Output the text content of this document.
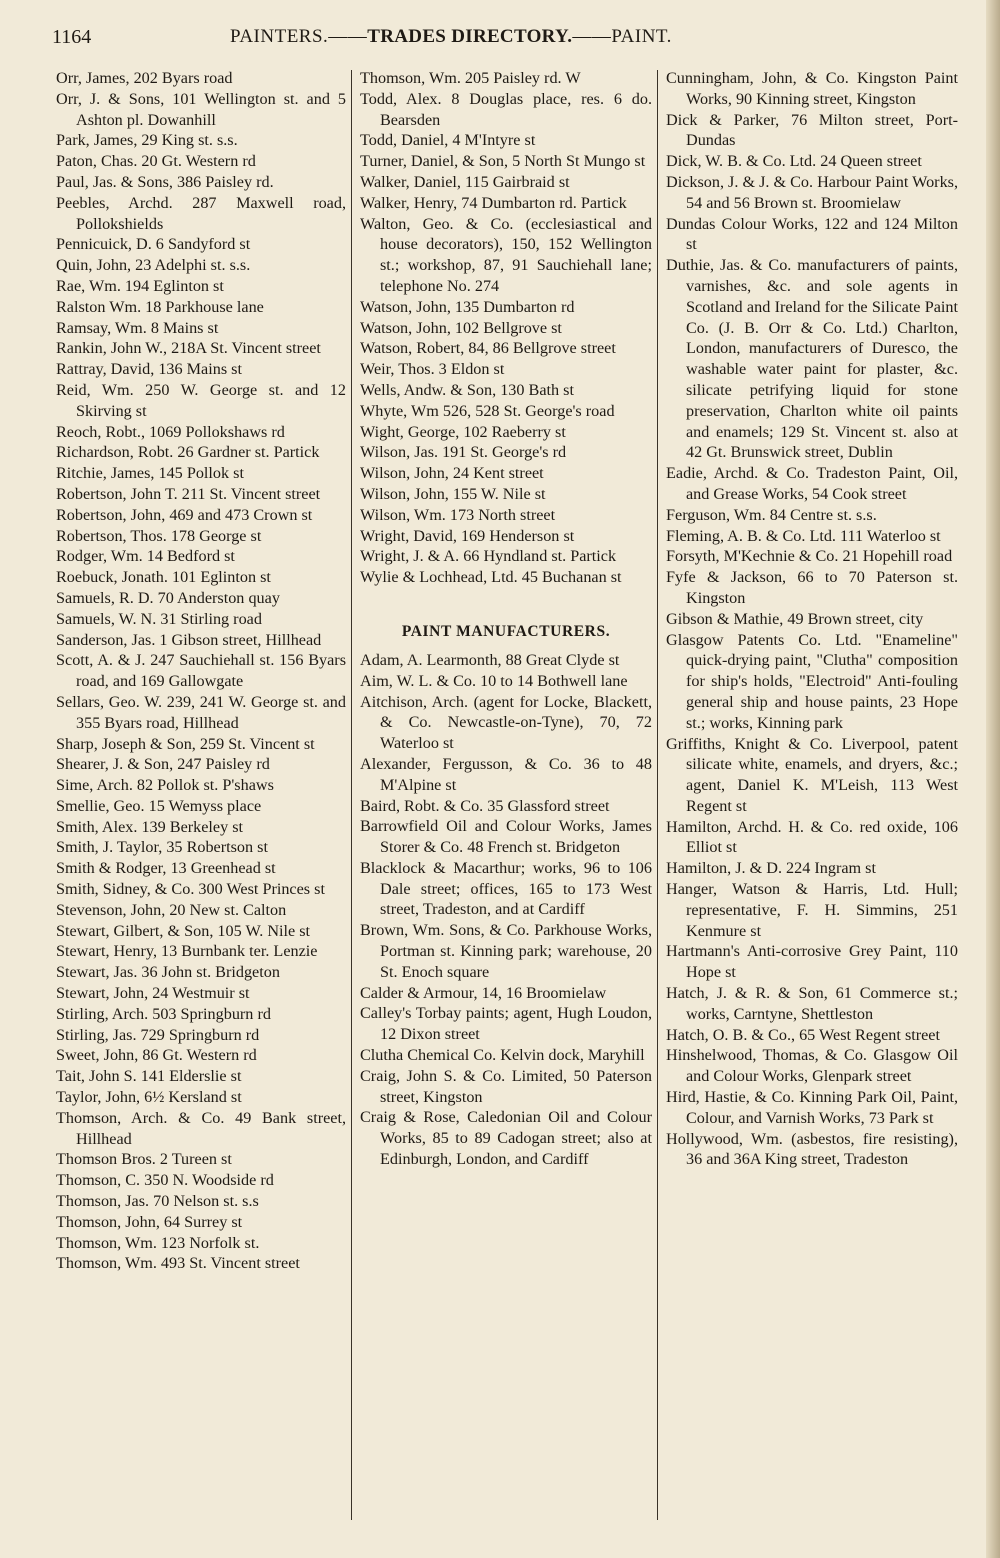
1164	PAINTERS.——TRADES DIRECTORY.——PAINT.

Orr, James, 202 Byars road

Orr, J. & Sons, 101 Wellington st. and 5 Ashton pl. Dowanhill

Park, James, 29 King st. s.s.

Paton, Chas. 20 Gt. Western rd

Paul, Jas. & Sons, 386 Paisley rd.

Peebles, Archd. 287 Maxwell road, Pollokshields

Pennicuick, D. 6 Sandyford st

Quin, John, 23 Adelphi st. s.s.

Rae, Wm. 194 Eglinton st

Ralston Wm. 18 Parkhouse lane

Ramsay, Wm. 8 Mains st

Rankin, John W., 218A St. Vincent street

Rattray, David, 136 Mains st

Reid, Wm. 250 W. George st. and 12 Skirving st

Reoch, Robt., 1069 Pollokshaws rd

Richardson, Robt. 26 Gardner st. Partick

Ritchie, James, 145 Pollok st

Robertson, John T. 211 St. Vincent street

Robertson, John, 469 and 473 Crown st

Robertson, Thos. 178 George st

Rodger, Wm. 14 Bedford st

Roebuck, Jonath. 101 Eglinton st

Samuels, R. D. 70 Anderston quay

Samuels, W. N. 31 Stirling road

Sanderson, Jas. 1 Gibson street, Hillhead

Scott, A. & J. 247 Sauchiehall st. 156 Byars road, and 169 Gallowgate

Sellars, Geo. W. 239, 241 W. George st. and 355 Byars road, Hillhead

Sharp, Joseph & Son, 259 St. Vincent st

Shearer, J. & Son, 247 Paisley rd

Sime, Arch. 82 Pollok st. P'shaws

Smellie, Geo. 15 Wemyss place

Smith, Alex. 139 Berkeley st

Smith, J. Taylor, 35 Robertson st

Smith & Rodger, 13 Greenhead st

Smith, Sidney, & Co. 300 West Princes st

Stevenson, John, 20 New st. Calton

Stewart, Gilbert, & Son, 105 W. Nile st

Stewart, Henry, 13 Burnbank ter. Lenzie

Stewart, Jas. 36 John st. Bridgeton

Stewart, John, 24 Westmuir st

Stirling, Arch. 503 Springburn rd

Stirling, Jas. 729 Springburn rd

Sweet, John, 86 Gt. Western rd

Tait, John S. 141 Elderslie st

Taylor, John, 6½ Kersland st

Thomson, Arch. & Co. 49 Bank street, Hillhead

Thomson Bros. 2 Tureen st

Thomson, C. 350 N. Woodside rd

Thomson, Jas. 70 Nelson st. s.s

Thomson, John, 64 Surrey st

Thomson, Wm. 123 Norfolk st.

Thomson, Wm. 493 St. Vincent street

Thomson, Wm. 205 Paisley rd. W

Todd, Alex. 8 Douglas place, res. 6 do. Bearsden

Todd, Daniel, 4 M'Intyre st

Turner, Daniel, & Son, 5 North St Mungo st

Walker, Daniel, 115 Gairbraid st

Walker, Henry, 74 Dumbarton rd. Partick

Walton, Geo. & Co. (ecclesiastical and house decorators), 150, 152 Wellington st.; workshop, 87, 91 Sauchiehall lane; telephone No. 274

Watson, John, 135 Dumbarton rd

Watson, John, 102 Bellgrove st

Watson, Robert, 84, 86 Bellgrove street

Weir, Thos. 3 Eldon st

Wells, Andw. & Son, 130 Bath st

Whyte, Wm 526, 528 St. George's road

Wight, George, 102 Raeberry st

Wilson, Jas. 191 St. George's rd

Wilson, John, 24 Kent street

Wilson, John, 155 W. Nile st

Wilson, Wm. 173 North street

Wright, David, 169 Henderson st

Wright, J. & A. 66 Hyndland st. Partick

Wylie & Lochhead, Ltd. 45 Buchanan st

PAINT MANUFACTURERS.

Adam, A. Learmonth, 88 Great Clyde st

Aim, W. L. & Co. 10 to 14 Bothwell lane

Aitchison, Arch. (agent for Locke, Blackett, & Co. Newcastle-on-Tyne), 70, 72 Waterloo st

Alexander, Fergusson, & Co. 36 to 48 M'Alpine st

Baird, Robt. & Co. 35 Glassford street

Barrowfield Oil and Colour Works, James Storer & Co. 48 French st. Bridgeton

Blacklock & Macarthur; works, 96 to 106 Dale street; offices, 165 to 173 West street, Tradeston, and at Cardiff

Brown, Wm. Sons, & Co. Parkhouse Works, Portman st. Kinning park; warehouse, 20 St. Enoch square

Calder & Armour, 14, 16 Broomielaw

Calley's Torbay paints; agent, Hugh Loudon, 12 Dixon street

Clutha Chemical Co. Kelvin dock, Maryhill

Craig, John S. & Co. Limited, 50 Paterson street, Kingston

Craig & Rose, Caledonian Oil and Colour Works, 85 to 89 Cadogan street; also at Edinburgh, London, and Cardiff

Cunningham, John, & Co. Kingston Paint Works, 90 Kinning street, Kingston

Dick & Parker, 76 Milton street, Port-Dundas

Dick, W. B. & Co. Ltd. 24 Queen street

Dickson, J. & J. & Co. Harbour Paint Works, 54 and 56 Brown st. Broomielaw

Dundas Colour Works, 122 and 124 Milton st

Duthie, Jas. & Co. manufacturers of paints, varnishes, &c. and sole agents in Scotland and Ireland for the Silicate Paint Co. (J. B. Orr & Co. Ltd.) Charlton, London, manufacturers of Duresco, the washable water paint for plaster, &c. silicate petrifying liquid for stone preservation, Charlton white oil paints and enamels; 129 St. Vincent st. also at 42 Gt. Brunswick street, Dublin

Eadie, Archd. & Co. Tradeston Paint, Oil, and Grease Works, 54 Cook street

Ferguson, Wm. 84 Centre st. s.s.

Fleming, A. B. & Co. Ltd. 111 Waterloo st

Forsyth, M'Kechnie & Co. 21 Hopehill road

Fyfe & Jackson, 66 to 70 Paterson st. Kingston

Gibson & Mathie, 49 Brown street, city

Glasgow Patents Co. Ltd. "Enameline" quick-drying paint, "Clutha" composition for ship's holds, "Electroid" Anti-fouling general ship and house paints, 23 Hope st.; works, Kinning park

Griffiths, Knight & Co. Liverpool, patent silicate white, enamels, and dryers, &c.; agent, Daniel K. M'Leish, 113 West Regent st

Hamilton, Archd. H. & Co. red oxide, 106 Elliot st

Hamilton, J. & D. 224 Ingram st

Hanger, Watson & Harris, Ltd. Hull; representative, F. H. Simmins, 251 Kenmure st

Hartmann's Anti-corrosive Grey Paint, 110 Hope st

Hatch, J. & R. & Son, 61 Commerce st.; works, Carntyne, Shettleston

Hatch, O. B. & Co., 65 West Regent street

Hinshelwood, Thomas, & Co. Glasgow Oil and Colour Works, Glenpark street

Hird, Hastie, & Co. Kinning Park Oil, Paint, Colour, and Varnish Works, 73 Park st

Hollywood, Wm. (asbestos, fire resisting), 36 and 36A King street, Tradeston
